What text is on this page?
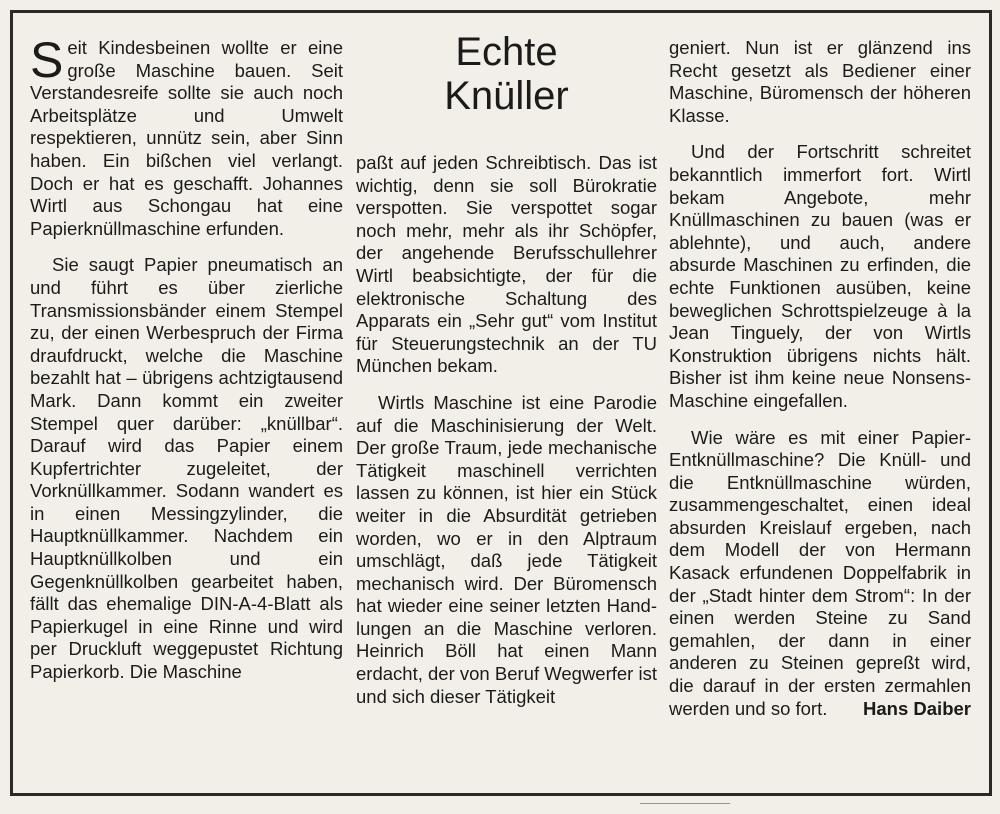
Seit Kindesbeinen wollte er eine große Maschine bauen. Seit Verstandesreife sollte sie auch noch Arbeitsplätze und Umwelt respektieren, unnütz sein, aber Sinn haben. Ein bißchen viel verlangt. Doch er hat es geschafft. Johannes Wirtl aus Schongau hat eine Papierknüllmaschine erfunden.

Sie saugt Papier pneumatisch an und führt es über zierliche Transmissionsbänder einem Stempel zu, der einen Werbespruch der Firma draufdruckt, welche die Maschine bezahlt hat – übrigens achtzigtausend Mark. Dann kommt ein zweiter Stempel quer darüber: „knüllbar“. Darauf wird das Papier einem Kupfertrichter zugeleitet, der Vorknüllkammer. Sodann wandert es in einen Messingzylinder, die Hauptknüllkammer. Nachdem ein Hauptknüllkolben und ein Gegenknüllkolben gearbeitet haben, fällt das ehemalige DIN-A-4-Blatt als Papierkugel in eine Rinne und wird per Druckluft weggepustet Richtung Papierkorb. Die Maschine

Echte
Knüller

paßt auf jeden Schreibtisch. Das ist wichtig, denn sie soll Bürokratie verspotten. Sie verspottet sogar noch mehr, mehr als ihr Schöpfer, der angehende Berufsschullehrer Wirtl beabsichtigte, der für die elektronische Schaltung des Apparats ein „Sehr gut“ vom Institut für Steuerungstechnik an der TU München bekam.

Wirtls Maschine ist eine Parodie auf die Maschinisierung der Welt. Der große Traum, jede mechanische Tätigkeit maschinell verrichten lassen zu können, ist hier ein Stück weiter in die Absurdität getrieben worden, wo er in den Alptraum umschlägt, daß jede Tätigkeit mechanisch wird. Der Büromensch hat wieder eine seiner letzten Hand-lungen an die Maschine verloren. Heinrich Böll hat einen Mann erdacht, der von Beruf Wegwerfer ist und sich dieser Tätigkeit

geniert. Nun ist er glänzend ins Recht gesetzt als Bediener einer Maschine, Büromensch der höheren Klasse.

Und der Fortschritt schreitet bekanntlich immerfort fort. Wirtl bekam Angebote, mehr Knüllmaschinen zu bauen (was er ablehnte), und auch, andere absurde Maschinen zu erfinden, die echte Funktionen ausüben, keine beweglichen Schrottspielzeuge à la Jean Tinguely, der von Wirtls Konstruktion übrigens nichts hält. Bisher ist ihm keine neue Nonsens-Maschine eingefallen.

Wie wäre es mit einer Papier-Entknüllmaschine? Die Knüll- und die Entknüllmaschine würden, zusammengeschaltet, einen ideal absurden Kreislauf ergeben, nach dem Modell der von Hermann Kasack erfundenen Doppelfabrik in der „Stadt hinter dem Strom“: In der einen werden Steine zu Sand gemahlen, der dann in einer anderen zu Steinen gepreßt wird, die darauf in der ersten zermahlen werden und so fort.	Hans Daiber
